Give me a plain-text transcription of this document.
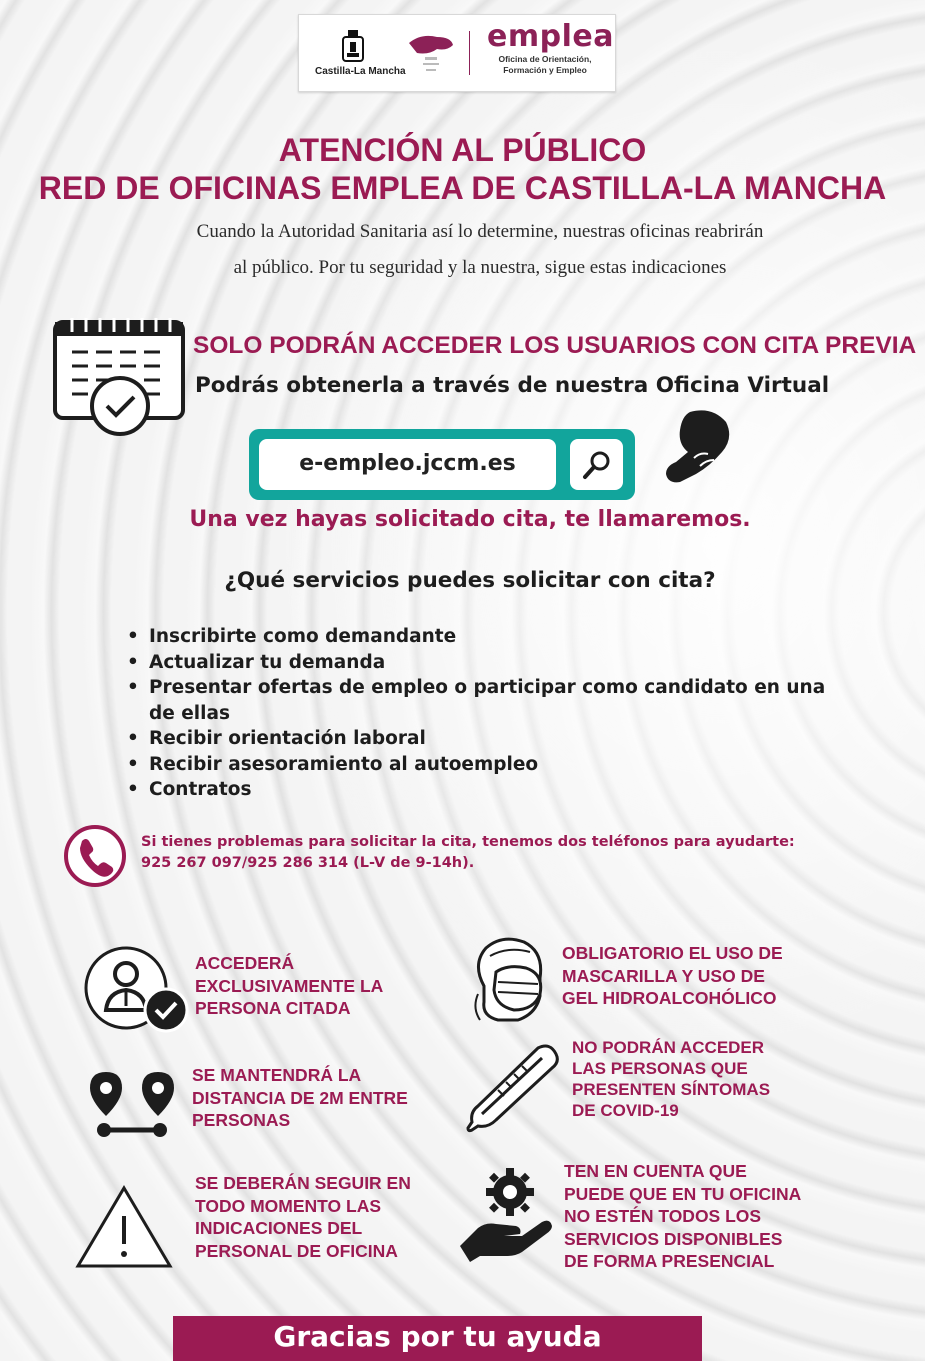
Castilla-La Mancha
emplea
Oficina de Orientación, Formación y Empleo
ATENCIÓN AL PÚBLICO
RED DE OFICINAS EMPLEA DE CASTILLA-LA MANCHA
Cuando la Autoridad Sanitaria así lo determine, nuestras oficinas reabrirán
al público. Por tu seguridad y la nuestra, sigue estas indicaciones
SOLO PODRÁN ACCEDER LOS USUARIOS CON CITA PREVIA
Podrás obtenerla a través de nuestra Oficina Virtual
e-empleo.jccm.es
Una vez hayas solicitado cita, te llamaremos.
¿Qué servicios puedes solicitar con cita?
• Inscribirte como demandante
• Actualizar tu demanda
• Presentar ofertas de empleo o participar como candidato en una de ellas
• Recibir orientación laboral
• Recibir asesoramiento al autoempleo
• Contratos
Si tienes problemas para solicitar la cita, tenemos dos teléfonos para ayudarte:
925 267 097/925 286 314 (L-V de 9-14h).
ACCEDERÁ
EXCLUSIVAMENTE LA
PERSONA CITADA
OBLIGATORIO EL USO DE
MASCARILLA Y USO DE
GEL HIDROALCOHÓLICO
SE MANTENDRÁ LA
DISTANCIA DE 2M ENTRE
PERSONAS
NO PODRÁN ACCEDER
LAS PERSONAS QUE
PRESENTEN SÍNTOMAS
DE COVID-19
SE DEBERÁN SEGUIR EN
TODO MOMENTO LAS
INDICACIONES DEL
PERSONAL DE OFICINA
TEN EN CUENTA QUE
PUEDE QUE EN TU OFICINA
NO ESTÉN TODOS LOS
SERVICIOS DISPONIBLES
DE FORMA PRESENCIAL
Gracias por tu ayuda
